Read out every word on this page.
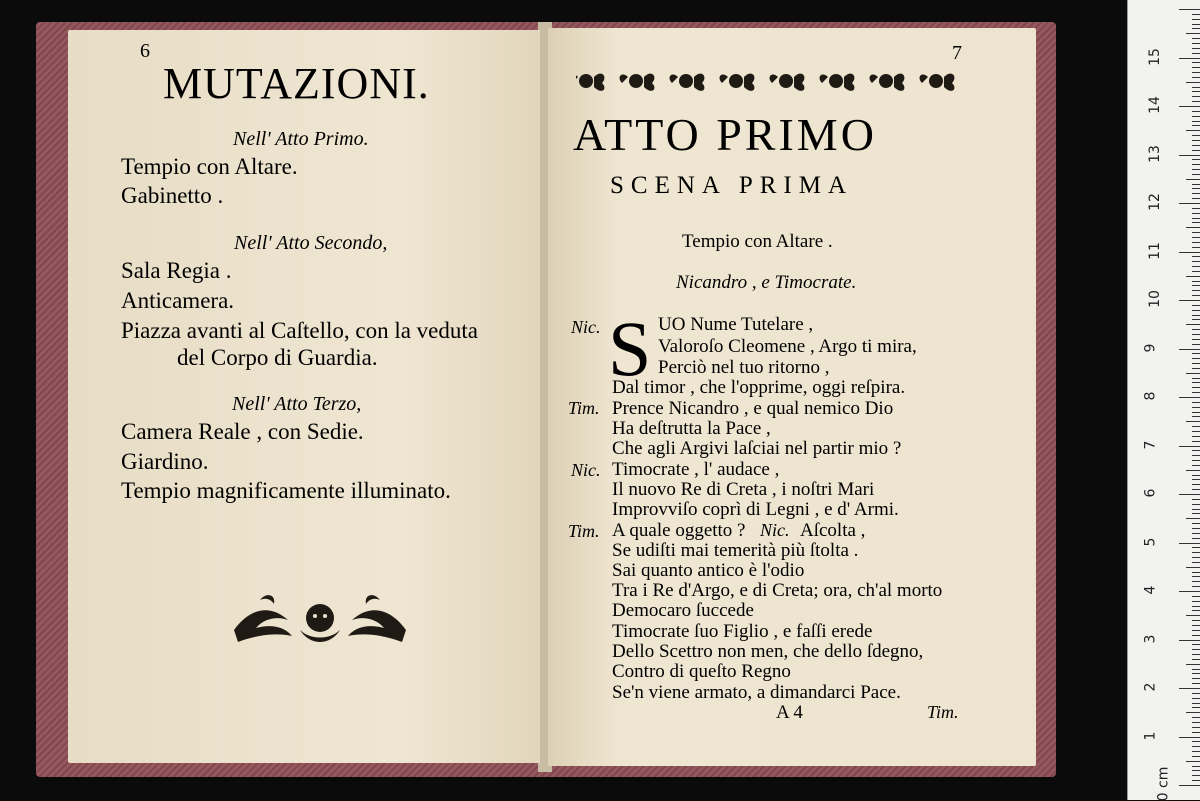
6
MUTAZIONI.
Nell' Atto Primo.
Tempio con Altare.
Gabinetto .
Nell' Atto Secondo,
Sala Regia .
Anticamera.
Piazza avanti al Caſtello, con la veduta
del Corpo di Guardia.
Nell' Atto Terzo,
Camera Reale , con Sedie.
Giardino.
Tempio magnificamente illuminato.
7
ATTO PRIMO
SCENA PRIMA
Tempio con Altare .
Nicandro , e Timocrate.
Nic.
Tim.
Nic.
Tim.
S UO Nume Tutelare ,
Valoroſo Cleomene , Argo ti mira,
Perciò nel tuo ritorno ,
Dal timor , che l'opprime, oggi reſpira.
Prence Nicandro , e qual nemico Dio
Ha deſtrutta la Pace ,
Che agli Argivi laſciai nel partir mio ?
Timocrate , l' audace ,
Il nuovo Re di Creta , i noſtri Mari
Improvviſo coprì di Legni , e d' Armi.
A quale oggetto ? Nic. Aſcolta ,
Se udiſti mai temerità più ſtolta .
Sai quanto antico è l'odio
Tra i Re d'Argo, e di Creta; ora, ch'al morto
Democaro ſuccede
Timocrate ſuo Figlio , e faſſi erede
Dello Scettro non men, che dello ſdegno,
Contro di queſto Regno
Se'n viene armato, a dimandarci Pace.
A 4	Tim.
0 cm
1
2
3
4
5
6
7
8
9
10
11
12
13
14
15
